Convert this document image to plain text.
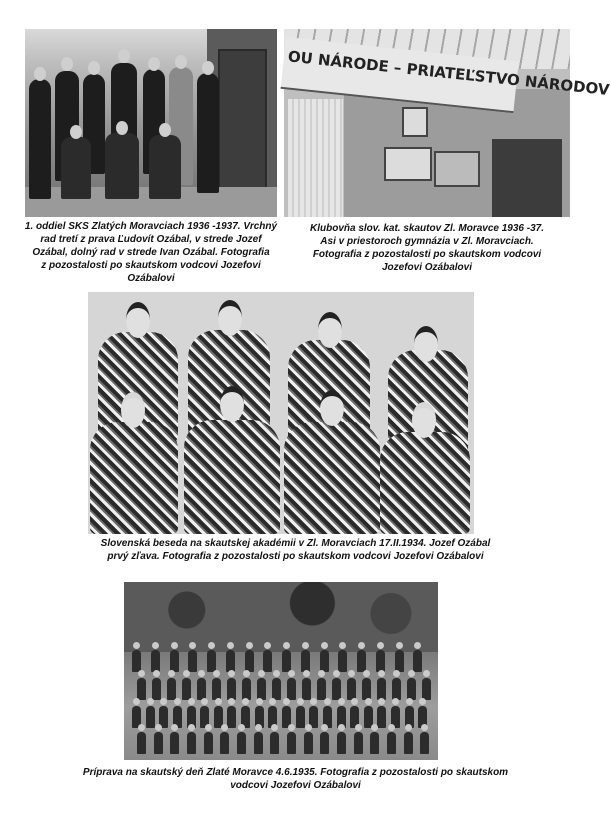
1. oddiel SKS Zlatých Moravciach 1936 -1937. Vrchný
rad tretí z prava Ľudovít Ozábal, v strede Jozef
Ozábal, dolný rad v strede Ivan Ozábal. Fotografia
z pozostalosti po skautskom vodcovi Jozefovi
Ozábalovi
OU NÁRODE – PRIATEĽSTVO NÁRODOV
Klubovňa slov. kat. skautov Zl. Moravce 1936 -37.
Asi v priestoroch gymnázia v Zl. Moravciach.
Fotografia z pozostalosti po skautskom vodcovi
Jozefovi Ozábalovi
Slovenská beseda na skautskej akadémii v Zl. Moravciach 17.II.1934. Jozef Ozábal
prvý zľava. Fotografia z pozostalosti po skautskom vodcovi Jozefovi Ozábalovi
Príprava na skautský deň Zlaté Moravce 4.6.1935. Fotografia z pozostalosti po skautskom
vodcovi Jozefovi Ozábalovi
